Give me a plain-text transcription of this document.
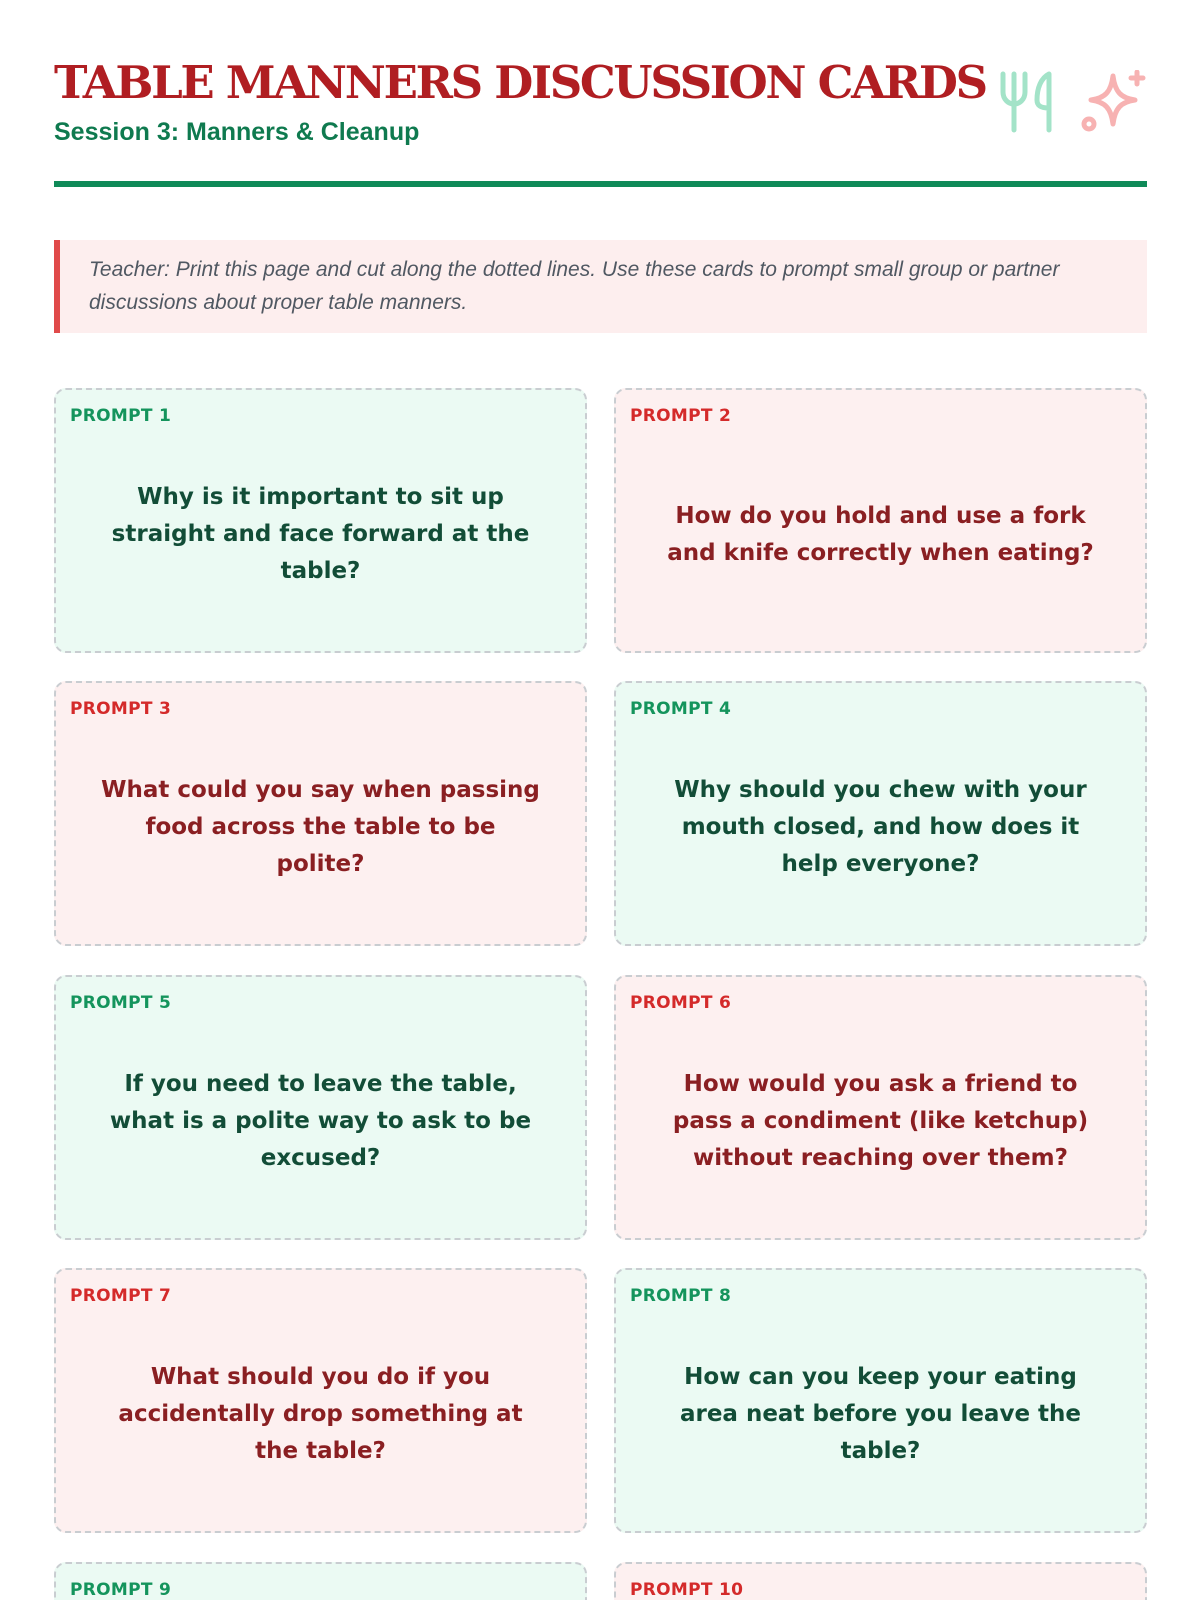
TABLE MANNERS DISCUSSION CARDS
Session 3: Manners & Cleanup
Teacher: Print this page and cut along the dotted lines. Use these cards to prompt small group or partner discussions about proper table manners.
PROMPT 1
Why is it important to sit up straight and face forward at the table?
PROMPT 2
How do you hold and use a fork and knife correctly when eating?
PROMPT 3
What could you say when passing food across the table to be polite?
PROMPT 4
Why should you chew with your mouth closed, and how does it help everyone?
PROMPT 5
If you need to leave the table, what is a polite way to ask to be excused?
PROMPT 6
How would you ask a friend to pass a condiment (like ketchup) without reaching over them?
PROMPT 7
What should you do if you accidentally drop something at the table?
PROMPT 8
How can you keep your eating area neat before you leave the table?
PROMPT 9	PROMPT 10
